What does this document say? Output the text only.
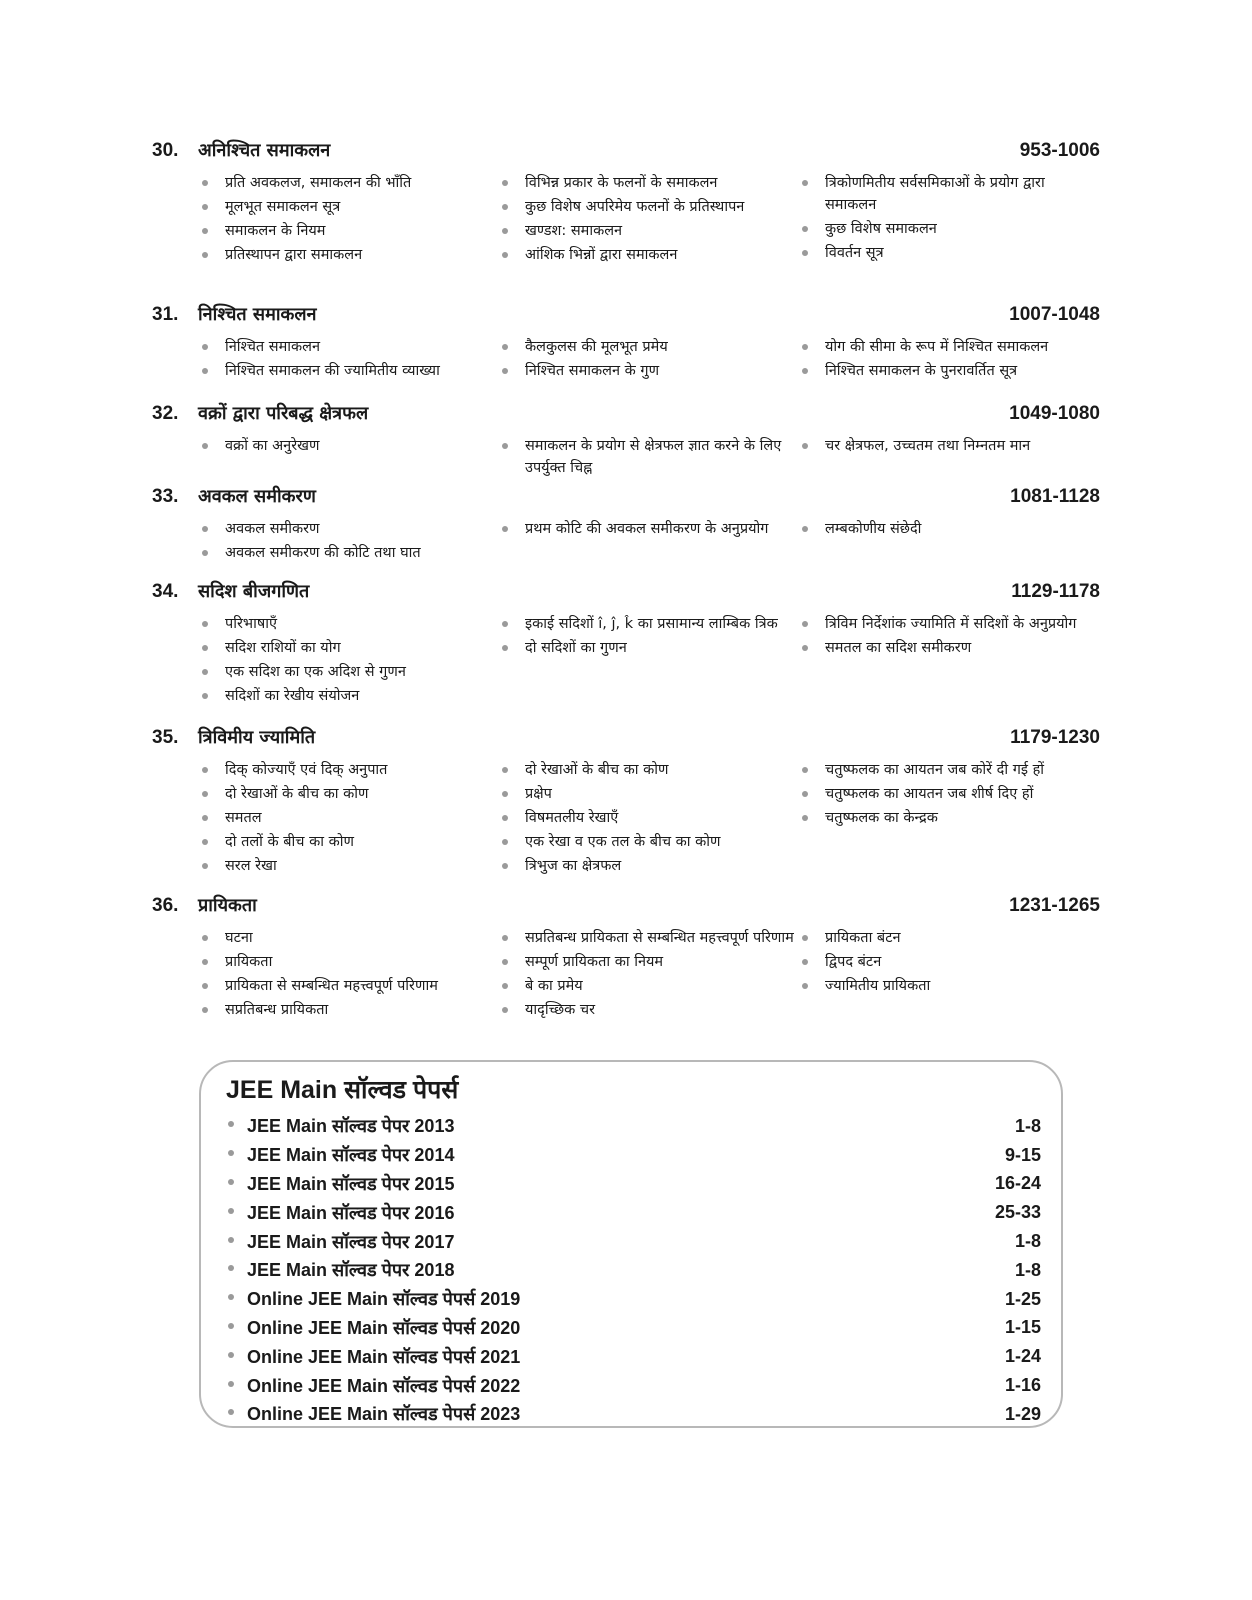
30.	अनिश्चित समाकलन	953-1006
प्रति अवकलज, समाकलन की भाँति
मूलभूत समाकलन सूत्र
समाकलन के नियम
प्रतिस्थापन द्वारा समाकलन
विभिन्न प्रकार के फलनों के समाकलन
कुछ विशेष अपरिमेय फलनों के प्रतिस्थापन
खण्डश: समाकलन
आंशिक भिन्नों द्वारा समाकलन
त्रिकोणमितीय सर्वसमिकाओं के प्रयोग द्वारा समाकलन
कुछ विशेष समाकलन
विवर्तन सूत्र
31.	निश्चित समाकलन	1007-1048
निश्चित समाकलन
निश्चित समाकलन की ज्यामितीय व्याख्या
कैलकुलस की मूलभूत प्रमेय
निश्चित समाकलन के गुण
योग की सीमा के रूप में निश्चित समाकलन
निश्चित समाकलन के पुनरावर्तित सूत्र
32.	वक्रों द्वारा परिबद्ध क्षेत्रफल	1049-1080
वक्रों का अनुरेखण	समाकलन के प्रयोग से क्षेत्रफल ज्ञात करने के लिए उपर्युक्त चिह्न
चर क्षेत्रफल, उच्चतम तथा निम्नतम मान
33.	अवकल समीकरण	1081-1128
अवकल समीकरण
अवकल समीकरण की कोटि तथा घात
प्रथम कोटि की अवकल समीकरण के अनुप्रयोग	लम्बकोणीय संछेदी
34.	सदिश बीजगणित	1129-1178
परिभाषाएँ
सदिश राशियों का योग
एक सदिश का एक अदिश से गुणन
सदिशों का रेखीय संयोजन
इकाई सदिशों î, ĵ, k̂ का प्रसामान्य लाम्बिक त्रिक
दो सदिशों का गुणन
त्रिविम निर्देशांक ज्यामिति में सदिशों के अनुप्रयोग
समतल का सदिश समीकरण
35.	त्रिविमीय ज्यामिति	1179-1230
दिक् कोज्याएँ एवं दिक् अनुपात
दो रेखाओं के बीच का कोण
समतल
दो तलों के बीच का कोण
सरल रेखा
दो रेखाओं के बीच का कोण
प्रक्षेप
विषमतलीय रेखाएँ
एक रेखा व एक तल के बीच का कोण
त्रिभुज का क्षेत्रफल
चतुष्फलक का आयतन जब कोरें दी गई हों
चतुष्फलक का आयतन जब शीर्ष दिए हों
चतुष्फलक का केन्द्रक
36.	प्रायिकता	1231-1265
घटना
प्रायिकता
प्रायिकता से सम्बन्धित महत्त्वपूर्ण परिणाम
सप्रतिबन्ध प्रायिकता
सप्रतिबन्ध प्रायिकता से सम्बन्धित महत्त्वपूर्ण परिणाम
सम्पूर्ण प्रायिकता का नियम
बे का प्रमेय
यादृच्छिक चर
प्रायिकता बंटन
द्विपद बंटन
ज्यामितीय प्रायिकता
JEE Main सॉल्वड पेपर्स
JEE Main सॉल्वड पेपर 2013	1-8
JEE Main सॉल्वड पेपर 2014	9-15
JEE Main सॉल्वड पेपर 2015	16-24
JEE Main सॉल्वड पेपर 2016	25-33
JEE Main सॉल्वड पेपर 2017	1-8
JEE Main सॉल्वड पेपर 2018	1-8
Online JEE Main सॉल्वड पेपर्स 2019	1-25
Online JEE Main सॉल्वड पेपर्स 2020	1-15
Online JEE Main सॉल्वड पेपर्स 2021	1-24
Online JEE Main सॉल्वड पेपर्स 2022	1-16
Online JEE Main सॉल्वड पेपर्स 2023	1-29
